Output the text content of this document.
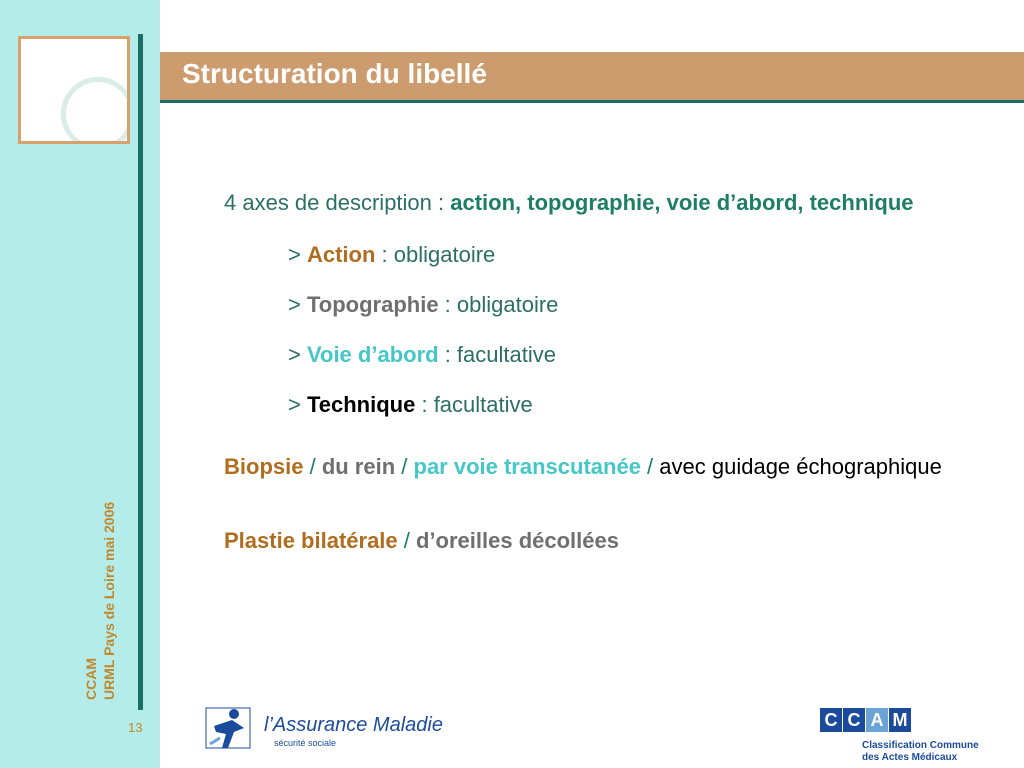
CCAM URML Pays de Loire mai 2006
13
Structuration du libellé

4 axes de description : action, topographie, voie d’abord, technique

> Action : obligatoire

> Topographie : obligatoire

> Voie d’abord : facultative

> Technique : facultative

Biopsie / du rein / par voie transcutanée / avec guidage échographique

Plastie bilatérale / d’oreilles décollées

l’Assurance Maladie
sécurité sociale
C C A M
Classification Commune
des Actes Médicaux
